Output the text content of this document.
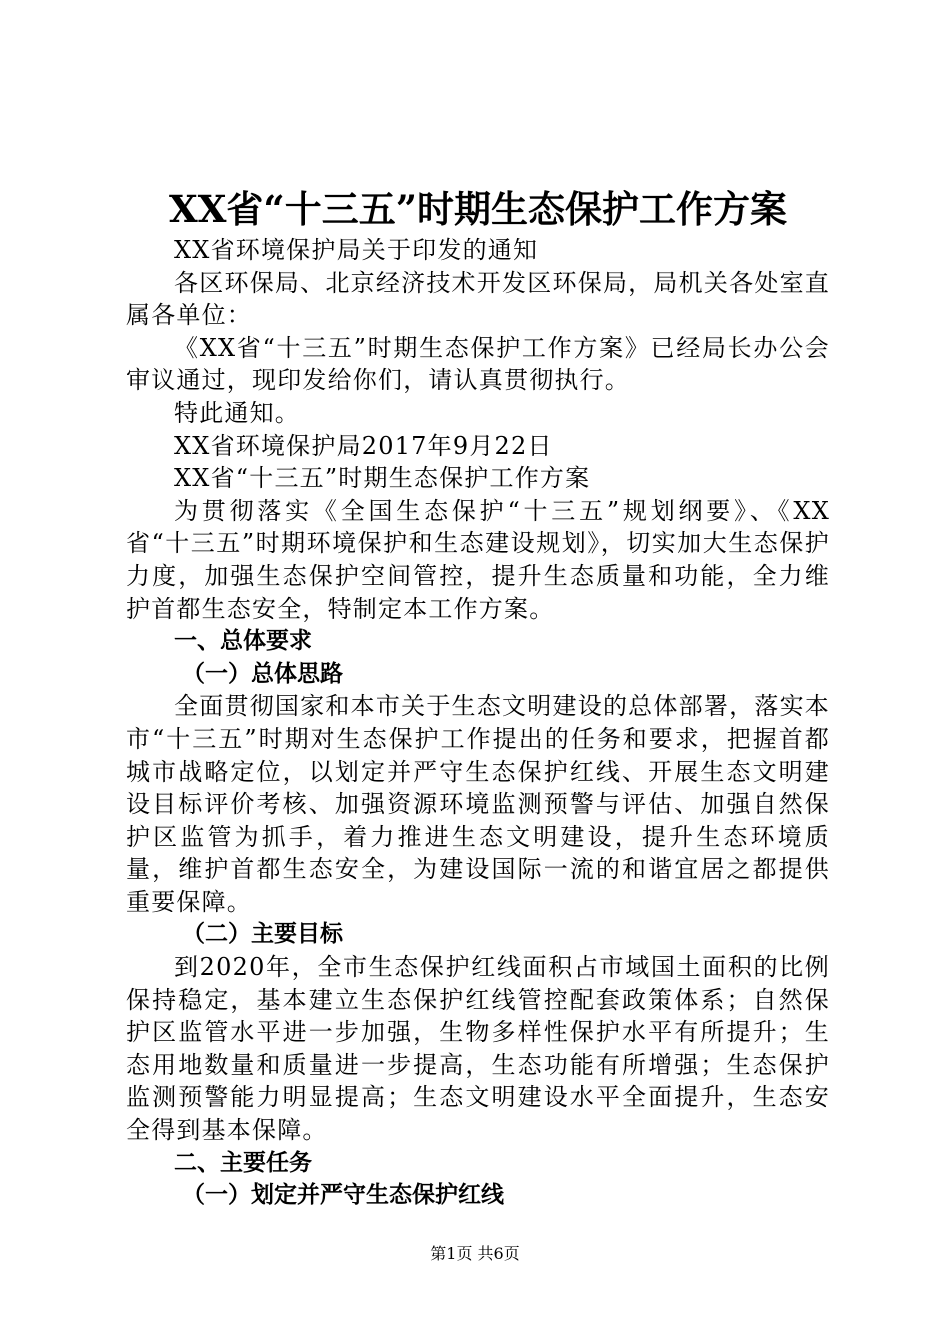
XX省“十三五”时期生态保护工作方案

XX省环境保护局关于印发的通知

各区环保局、北京经济技术开发区环保局，局机关各处室直属各单位：

《XX省“十三五”时期生态保护工作方案》已经局长办公会审议通过，现印发给你们，请认真贯彻执行。

特此通知。

XX省环境保护局2017年9月22日

XX省“十三五”时期生态保护工作方案

为贯彻落实《全国生态保护“十三五”规划纲要》、《XX省“十三五”时期环境保护和生态建设规划》，切实加大生态保护力度，加强生态保护空间管控，提升生态质量和功能，全力维护首都生态安全，特制定本工作方案。

一、总体要求

（一）总体思路

全面贯彻国家和本市关于生态文明建设的总体部署，落实本市“十三五”时期对生态保护工作提出的任务和要求，把握首都城市战略定位，以划定并严守生态保护红线、开展生态文明建设目标评价考核、加强资源环境监测预警与评估、加强自然保护区监管为抓手，着力推进生态文明建设，提升生态环境质量，维护首都生态安全，为建设国际一流的和谐宜居之都提供重要保障。

（二）主要目标

到2020年，全市生态保护红线面积占市域国土面积的比例保持稳定，基本建立生态保护红线管控配套政策体系；自然保护区监管水平进一步加强，生物多样性保护水平有所提升；生态用地数量和质量进一步提高，生态功能有所增强；生态保护监测预警能力明显提高；生态文明建设水平全面提升，生态安全得到基本保障。

二、主要任务

（一）划定并严守生态保护红线

第1页 共6页
